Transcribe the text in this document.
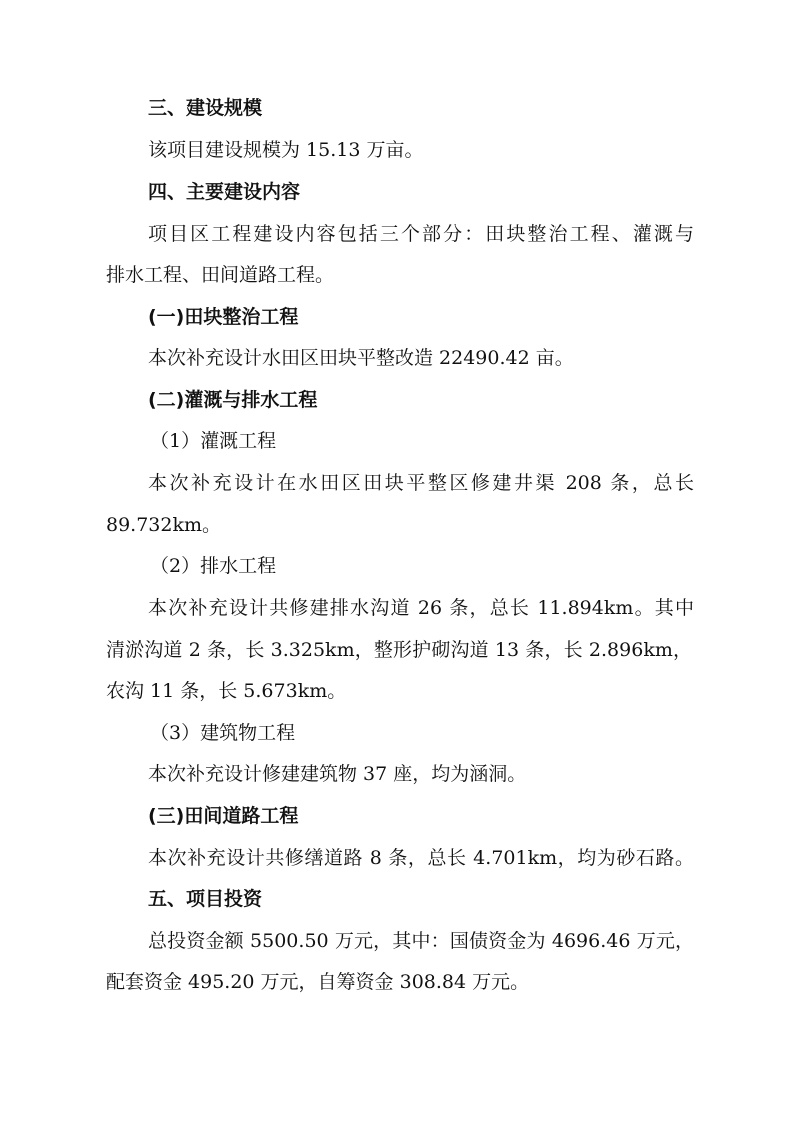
三、建设规模
该项目建设规模为 15.13 万亩。
四、主要建设内容
项目区工程建设内容包括三个部分：田块整治工程、灌溉与
排水工程、田间道路工程。
(一)田块整治工程
本次补充设计水田区田块平整改造 22490.42 亩。
(二)灌溉与排水工程
（1）灌溉工程
本次补充设计在水田区田块平整区修建井渠 208 条，总长
89.732km。
（2）排水工程
本次补充设计共修建排水沟道 26 条，总长 11.894km。其中
清淤沟道 2 条，长 3.325km，整形护砌沟道 13 条，长 2.896km，
农沟 11 条，长 5.673km。
（3）建筑物工程
本次补充设计修建建筑物 37 座，均为涵洞。
(三)田间道路工程
本次补充设计共修缮道路 8 条，总长 4.701km，均为砂石路。
五、项目投资
总投资金额 5500.50 万元，其中：国债资金为 4696.46 万元，
配套资金 495.20 万元，自筹资金 308.84 万元。
